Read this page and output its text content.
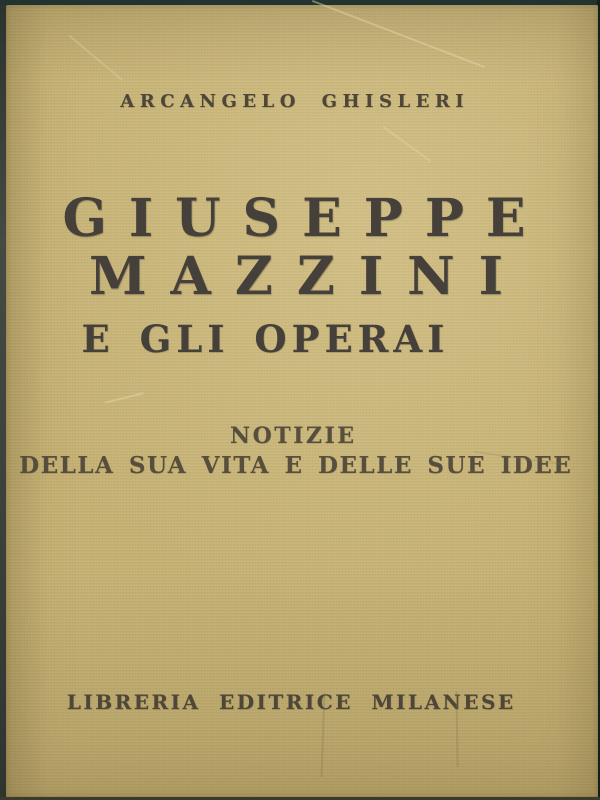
ARCANGELO GHISLERI
GIUSEPPE
MAZZINI
E GLI OPERAI
NOTIZIE
DELLA SUA VITA E DELLE SUE IDEE
LIBRERIA EDITRICE MILANESE
